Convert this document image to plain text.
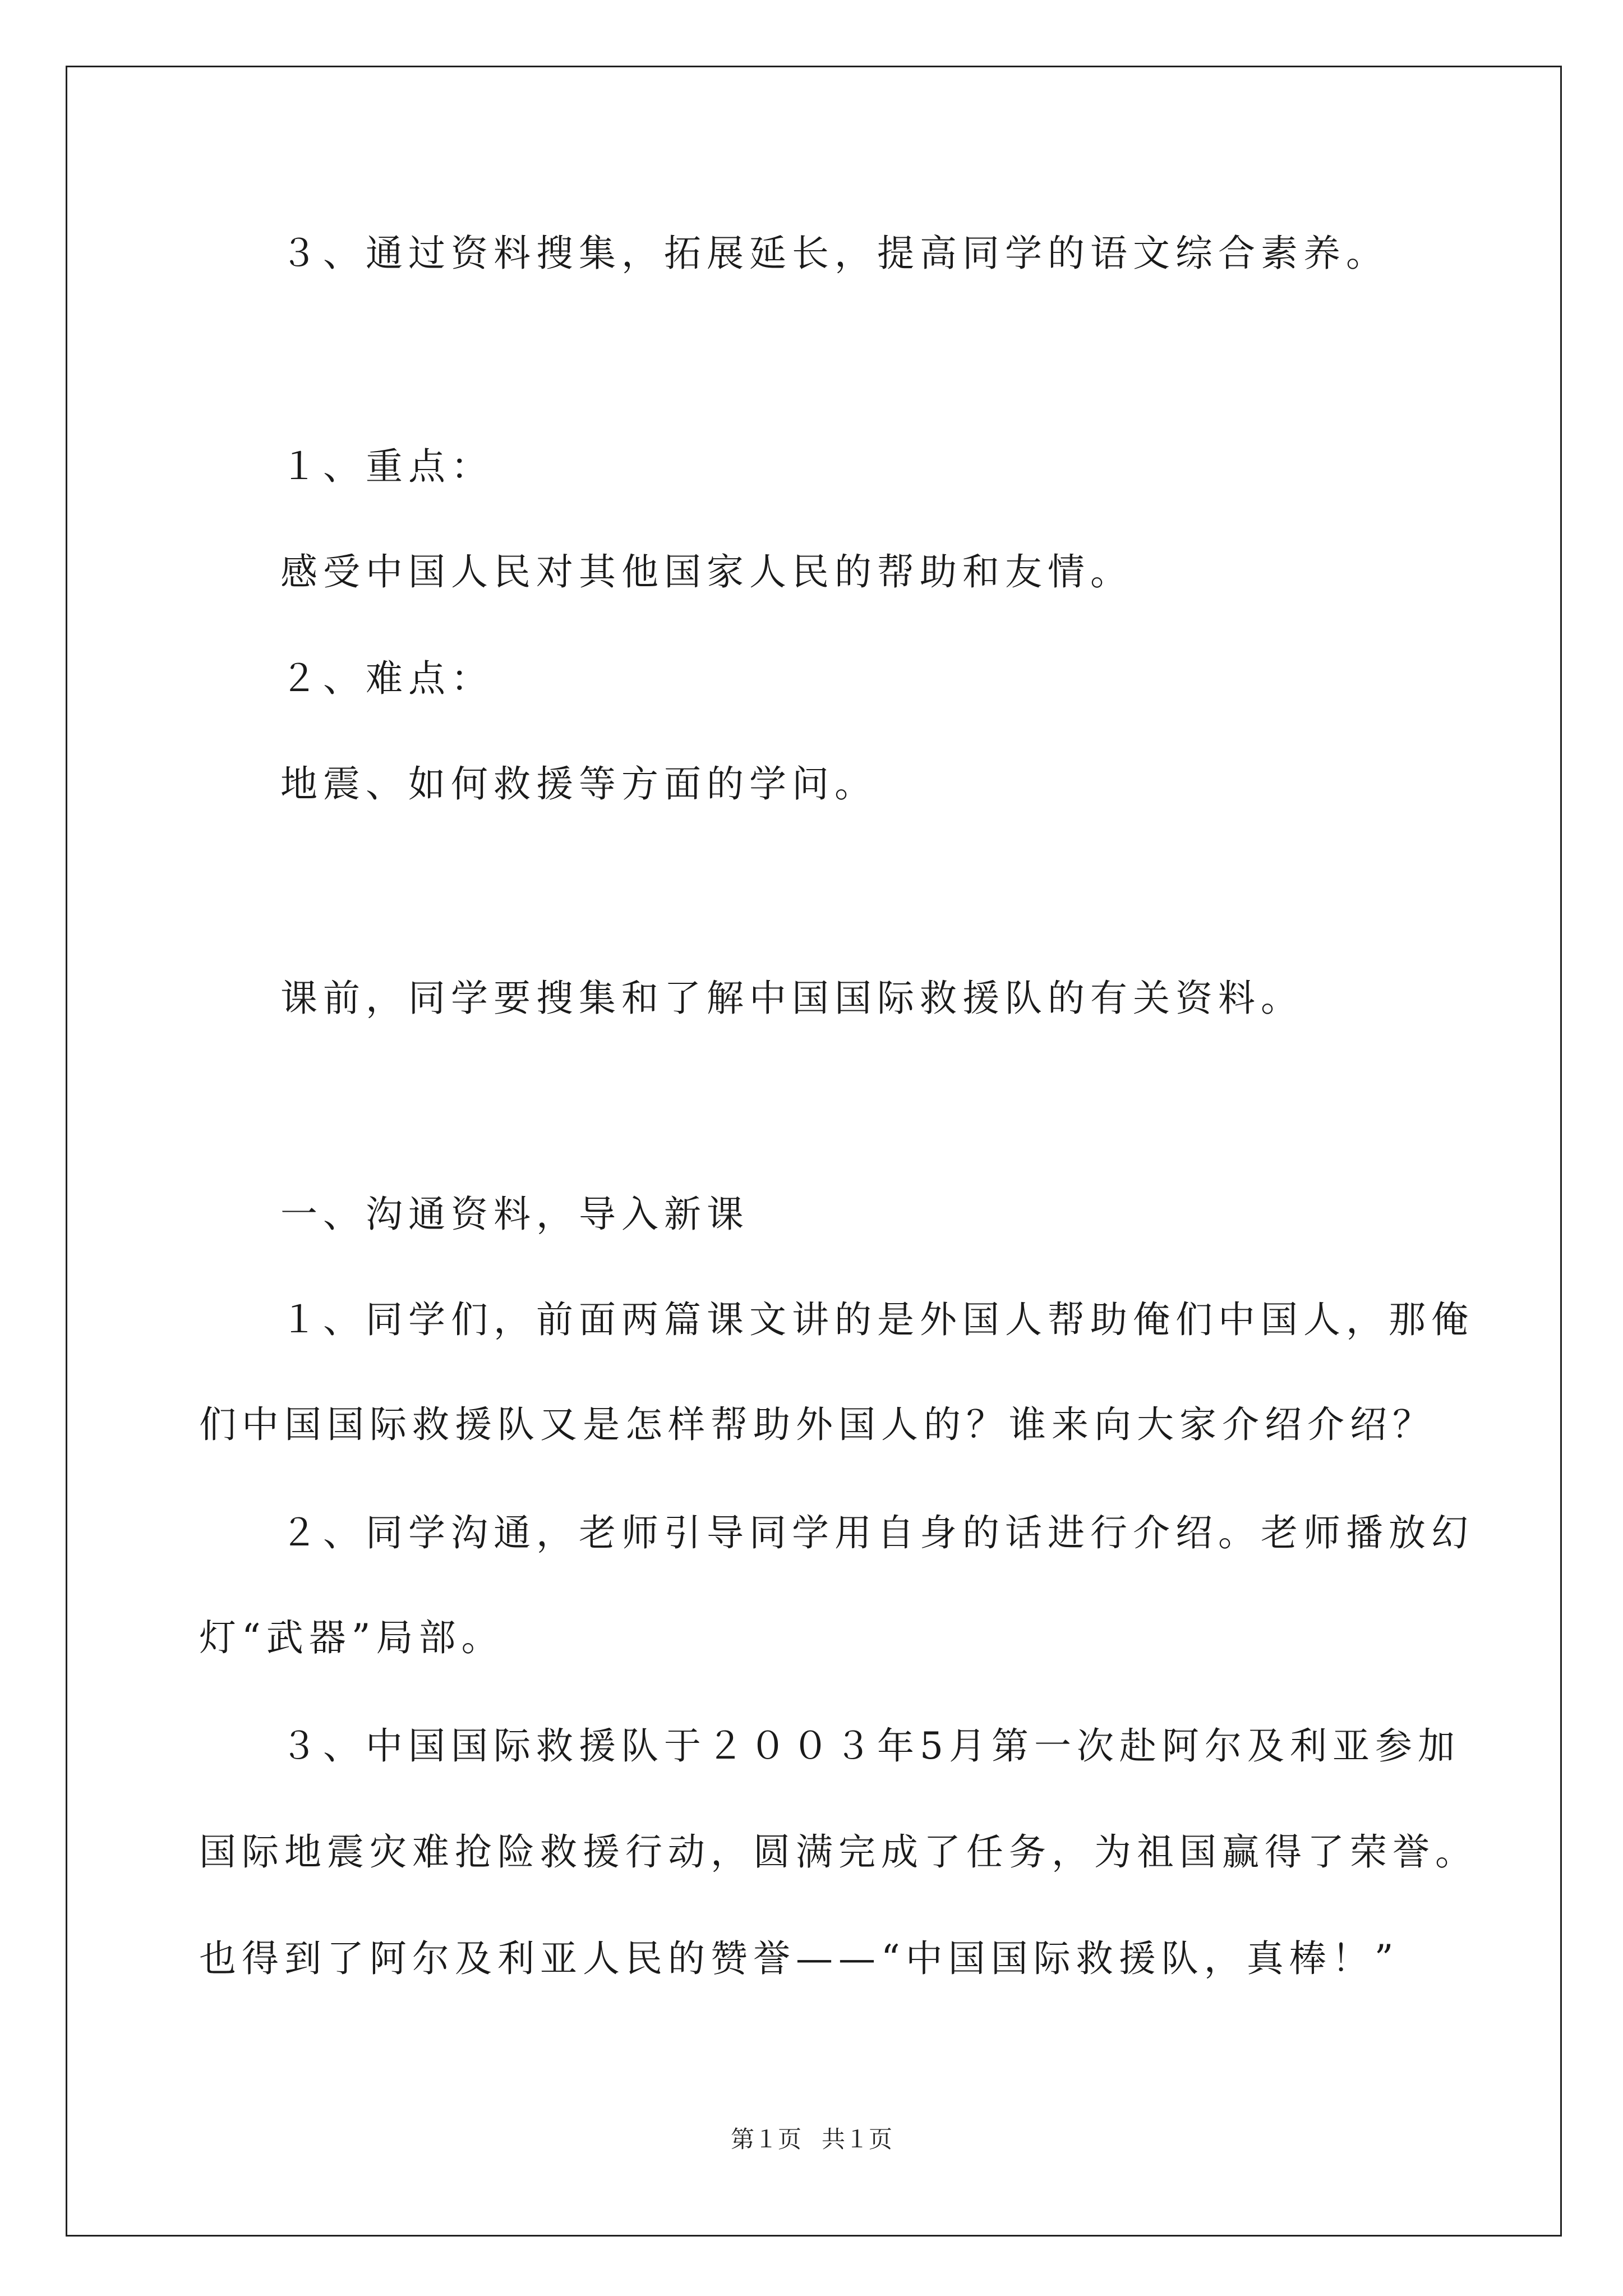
３、通过资料搜集，拓展延长，提高同学的语文综合素养。
１、重点：
感受中国人民对其他国家人民的帮助和友情。
２、难点：
地震、如何救援等方面的学问。
课前，同学要搜集和了解中国国际救援队的有关资料。
一、沟通资料，导入新课
１、同学们，前面两篇课文讲的是外国人帮助俺们中国人，那俺
们中国国际救援队又是怎样帮助外国人的？谁来向大家介绍介绍？
２、同学沟通，老师引导同学用自身的话进行介绍。老师播放幻
灯“武器”局部。
３、中国国际救援队于２００３年5月第一次赴阿尔及利亚参加
国际地震灾难抢险救援行动，圆满完成了任务，为祖国赢得了荣誉。
也得到了阿尔及利亚人民的赞誉——“中国国际救援队，真棒！”
第１页 共１页
